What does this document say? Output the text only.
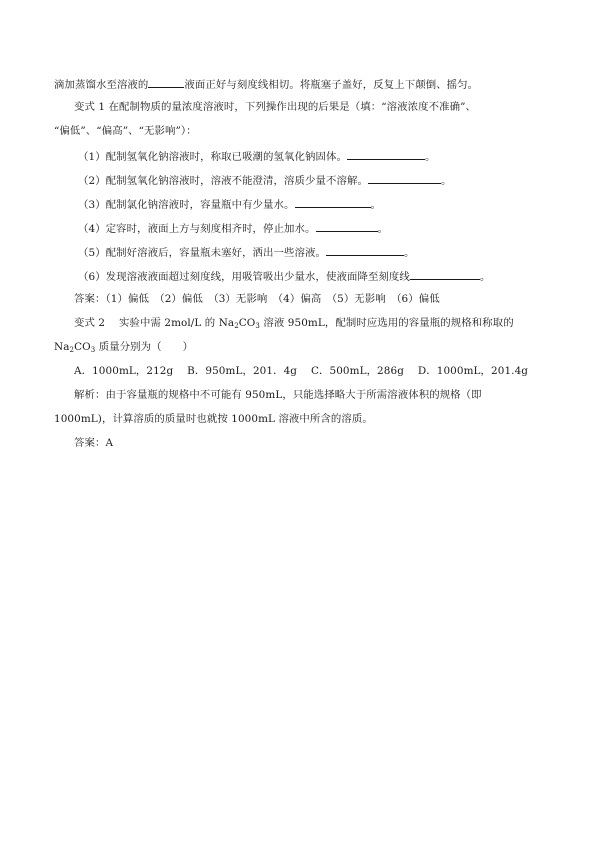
滴加蒸馏水至溶液的	液面正好与刻度线相切。将瓶塞子盖好，反复上下颠倒、摇匀。
变式 1 在配制物质的量浓度溶液时，下列操作出现的后果是（填：“溶液浓度不准确”、
“偏低”、“偏高”、“无影响”）：
（1）配制氢氧化钠溶液时，称取已吸潮的氢氧化钠固体。	。
（2）配制氢氧化钠溶液时，溶液不能澄清，溶质少量不溶解。	。
（3）配制氯化钠溶液时，容量瓶中有少量水。	。
（4）定容时，液面上方与刻度相齐时，停止加水。	。
（5）配制好溶液后，容量瓶未塞好，洒出一些溶液。	。
（6）发现溶液液面超过刻度线，用吸管吸出少量水，使液面降至刻度线	。
答案：（1）偏低　（2）偏低　（3）无影响　（4）偏高　（5）无影响　（6）偏低
变式 2　 实验中需 2mol/L 的 $Na_2CO_3$ 溶液 950mL，配制时应选用的容量瓶的规格和称取的
$Na_2CO_3$ 质量分别为（　　）
A．1000mL，212g　 B．950mL，201．4g　 C．500mL，286g　 D．1000mL，201.4g
解析：由于容量瓶的规格中不可能有 950mL，只能选择略大于所需溶液体积的规格（即
1000mL)，计算溶质的质量时也就按 1000mL 溶液中所含的溶质。
答案：A
